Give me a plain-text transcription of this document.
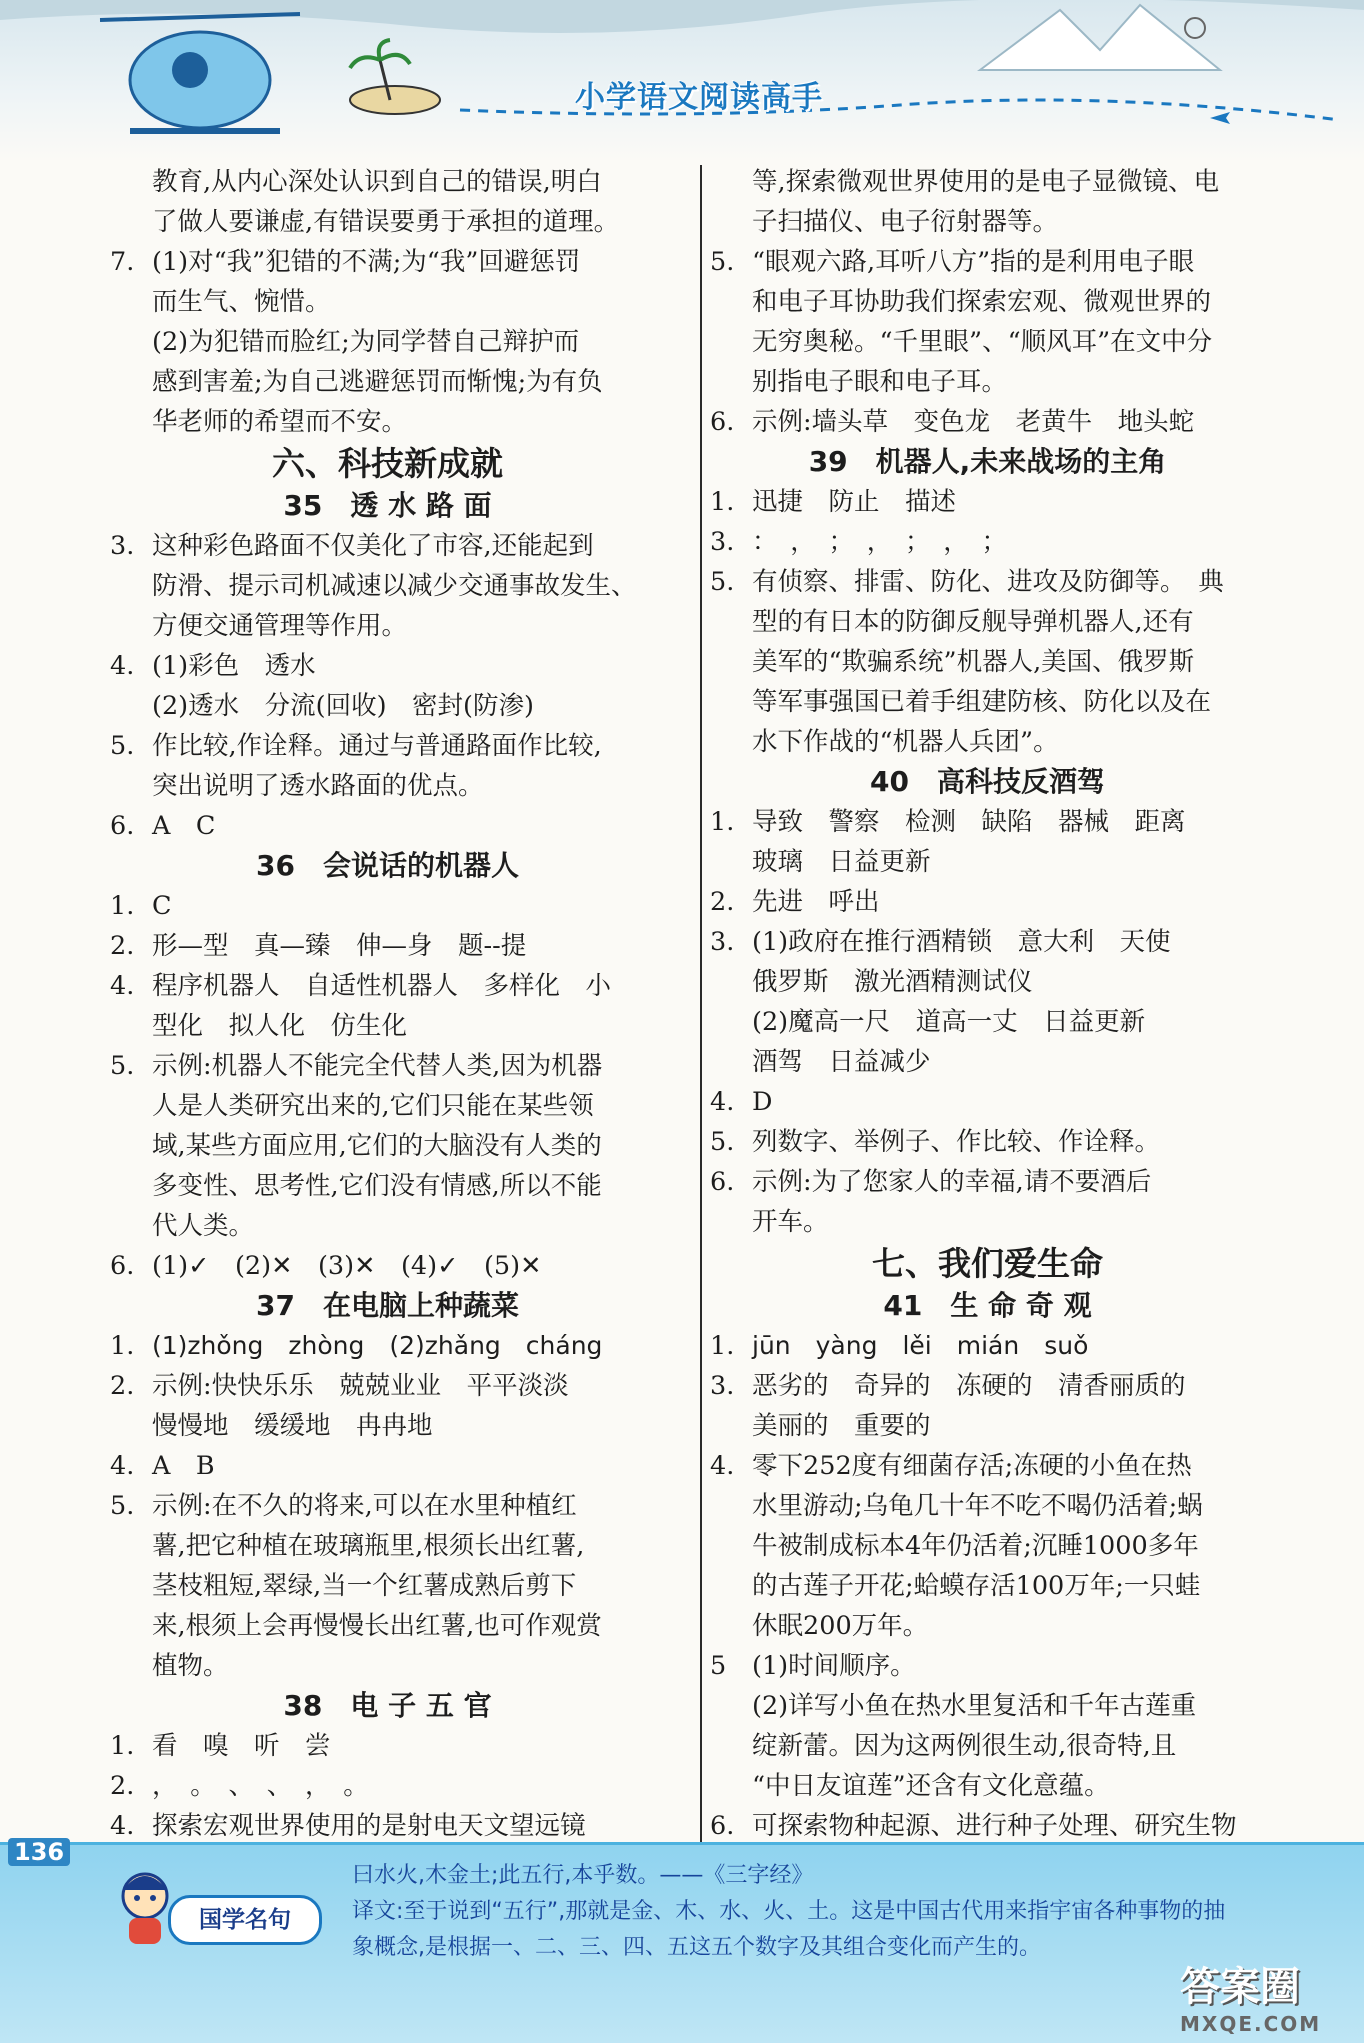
小学语文阅读高手
教育,从内心深处认识到自己的错误,明白
了做人要谦虚,有错误要勇于承担的道理。
7. (1)对“我”犯错的不满;为“我”回避惩罚
而生气、惋惜。
(2)为犯错而脸红;为同学替自己辩护而
感到害羞;为自己逃避惩罚而惭愧;为有负
华老师的希望而不安。
六、科技新成就
35　透 水 路 面
3. 这种彩色路面不仅美化了市容,还能起到
防滑、提示司机减速以减少交通事故发生、
方便交通管理等作用。
4. (1)彩色　透水
(2)透水　分流(回收)　密封(防渗)
5. 作比较,作诠释。通过与普通路面作比较,
突出说明了透水路面的优点。
6. A　C
36　会说话的机器人
1. C
2. 形—型　真—臻　伸—身　题--提
4. 程序机器人　自适性机器人　多样化　小
型化　拟人化　仿生化
5. 示例:机器人不能完全代替人类,因为机器
人是人类研究出来的,它们只能在某些领
域,某些方面应用,它们的大脑没有人类的
多变性、思考性,它们没有情感,所以不能
代人类。
6. (1)✓　(2)✕　(3)✕　(4)✓　(5)✕
37　在电脑上种蔬菜
1. (1)zhǒng　zhòng　(2)zhǎng　cháng
2. 示例:快快乐乐　兢兢业业　平平淡淡
慢慢地　缓缓地　冉冉地
4. A　B
5. 示例:在不久的将来,可以在水里种植红
薯,把它种植在玻璃瓶里,根须长出红薯,
茎枝粗短,翠绿,当一个红薯成熟后剪下
来,根须上会再慢慢长出红薯,也可作观赏
植物。
38　电 子 五 官
1. 看　嗅　听　尝
2. ，　。　、　、　，　。
4. 探索宏观世界使用的是射电天文望远镜
等,探索微观世界使用的是电子显微镜、电
子扫描仪、电子衍射器等。
5. “眼观六路,耳听八方”指的是利用电子眼
和电子耳协助我们探索宏观、微观世界的
无穷奥秘。“千里眼”、“顺风耳”在文中分
别指电子眼和电子耳。
6. 示例:墙头草　变色龙　老黄牛　地头蛇
39　机器人,未来战场的主角
1. 迅捷　防止　描述
3. ：　，　；　，　；　，　；
5. 有侦察、排雷、防化、进攻及防御等。　典
型的有日本的防御反舰导弹机器人,还有
美军的“欺骗系统”机器人,美国、俄罗斯
等军事强国已着手组建防核、防化以及在
水下作战的“机器人兵团”。
40　高科技反酒驾
1. 导致　警察　检测　缺陷　器械　距离
玻璃　日益更新
2. 先进　呼出
3. (1)政府在推行酒精锁　意大利　天使
俄罗斯　激光酒精测试仪
(2)魔高一尺　道高一丈　日益更新
酒驾　日益减少
4. D
5. 列数字、举例子、作比较、作诠释。
6. 示例:为了您家人的幸福,请不要酒后
开车。
七、我们爱生命
41　生 命 奇 观
1. jūn　yàng　lěi　mián　suǒ
3. 恶劣的　奇异的　冻硬的　清香丽质的
美丽的　重要的
4. 零下252度有细菌存活;冻硬的小鱼在热
水里游动;乌龟几十年不吃不喝仍活着;蜗
牛被制成标本4年仍活着;沉睡1000多年
的古莲子开花;蛤蟆存活100万年;一只蛙
休眠200万年。
5	(1)时间顺序。
(2)详写小鱼在热水里复活和千年古莲重
绽新蕾。因为这两例很生动,很奇特,且
“中日友谊莲”还含有文化意蕴。
6. 可探索物种起源、进行种子处理、研究生物
136
国学名句
曰水火,木金土;此五行,本乎数。——《三字经》
译文:至于说到“五行”,那就是金、木、水、火、土。这是中国古代用来指宇宙各种事物的抽
象概念,是根据一、二、三、四、五这五个数字及其组合变化而产生的。
答案圈
MXQE.COM
